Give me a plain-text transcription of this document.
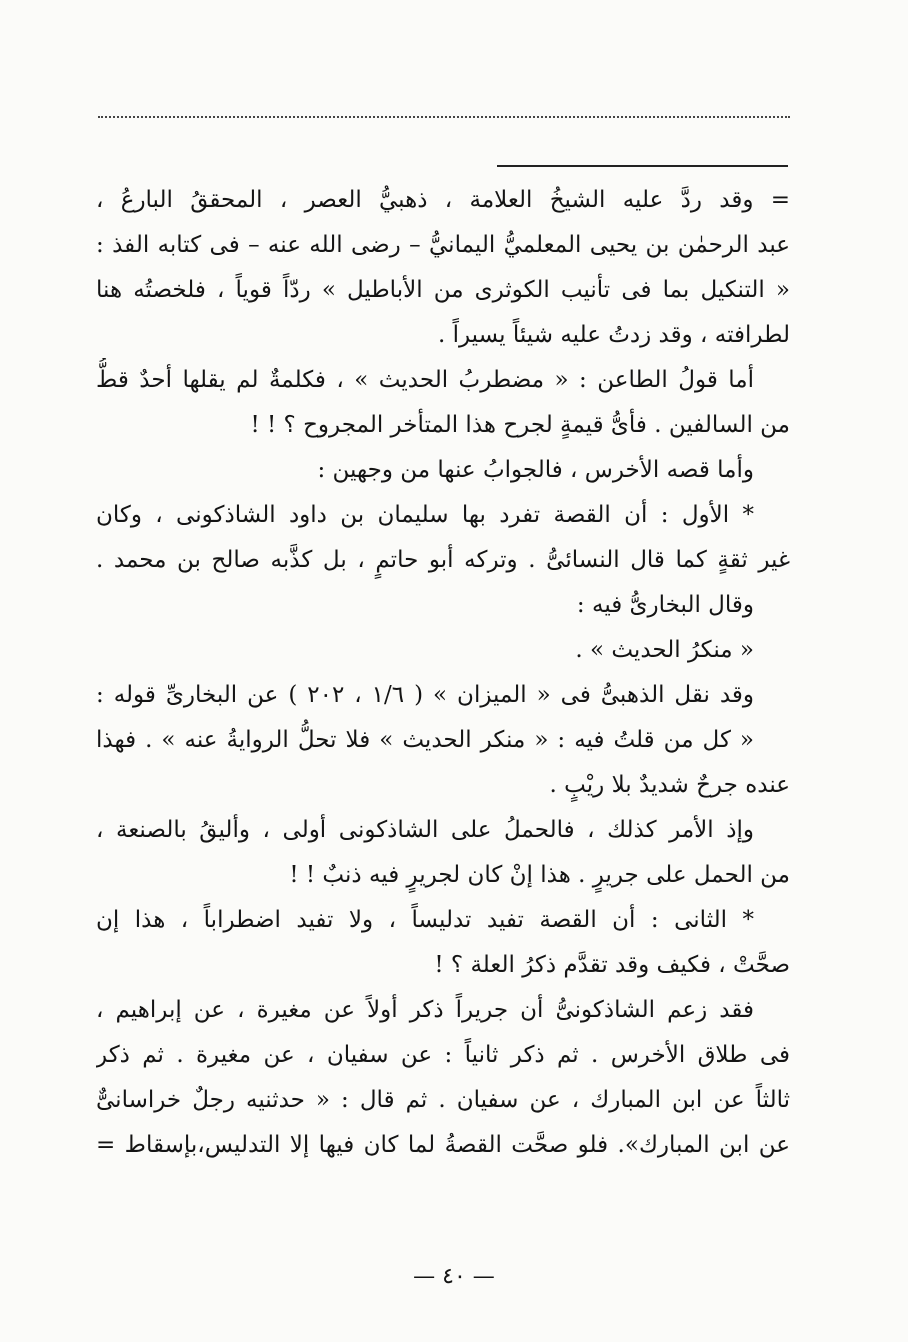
= وقد ردَّ عليه الشيخُ العلامة ، ذهبيُّ العصر ، المحققُ البارعُ ،
عبد الرحمٰن بن يحيى المعلميُّ اليمانيُّ – رضى الله عنه – فى كتابه الفذ :
« التنكيل بما فى تأنيب الكوثرى من الأباطيل » ردّاً قوياً ، فلخصتُه هنا
لطرافته ، وقد زدتُ عليه شيئاً يسيراً .
أما قولُ الطاعن : « مضطربُ الحديث » ، فكلمةٌ لم يقلها أحدٌ قطُّ
من السالفين . فأىُّ قيمةٍ لجرح هذا المتأخر المجروح ؟ ! !
وأما قصه الأخرس ، فالجوابُ عنها من وجهين :
* الأول : أن القصة تفرد بها سليمان بن داود الشاذكونى ، وكان
غير ثقةٍ كما قال النسائىُّ . وتركه أبو حاتمٍ ، بل كذَّبه صالح بن محمد .
وقال البخارىُّ فيه :
« منكرُ الحديث » .
وقد نقل الذهبىُّ فى « الميزان » ( ١/٦ ، ٢٠٢ ) عن البخارىِّ قوله :
« كل من قلتُ فيه : « منكر الحديث » فلا تحلُّ الروايةُ عنه » . فهذا
عنده جرحٌ شديدٌ بلا ريْبٍ .
وإذ الأمر كذلك ، فالحملُ على الشاذكونى أولى ، وأليقُ بالصنعة ،
من الحمل على جريرٍ . هذا إنْ كان لجريرٍ فيه ذنبٌ ! !
* الثانى : أن القصة تفيد تدليساً ، ولا تفيد اضطراباً ، هذا إن
صحَّتْ ، فكيف وقد تقدَّم ذكرُ العلة ؟ !
فقد زعم الشاذكونىُّ أن جريراً ذكر أولاً عن مغيرة ، عن إبراهيم ،
فى طلاق الأخرس . ثم ذكر ثانياً : عن سفيان ، عن مغيرة . ثم ذكر
ثالثاً عن ابن المبارك ، عن سفيان . ثم قال : « حدثنيه رجلٌ خراسانىٌّ
عن ابن المبارك». فلو صحَّت القصةُ لما كان فيها إلا التدليس،بإسقاط =
— ٤٠ —
